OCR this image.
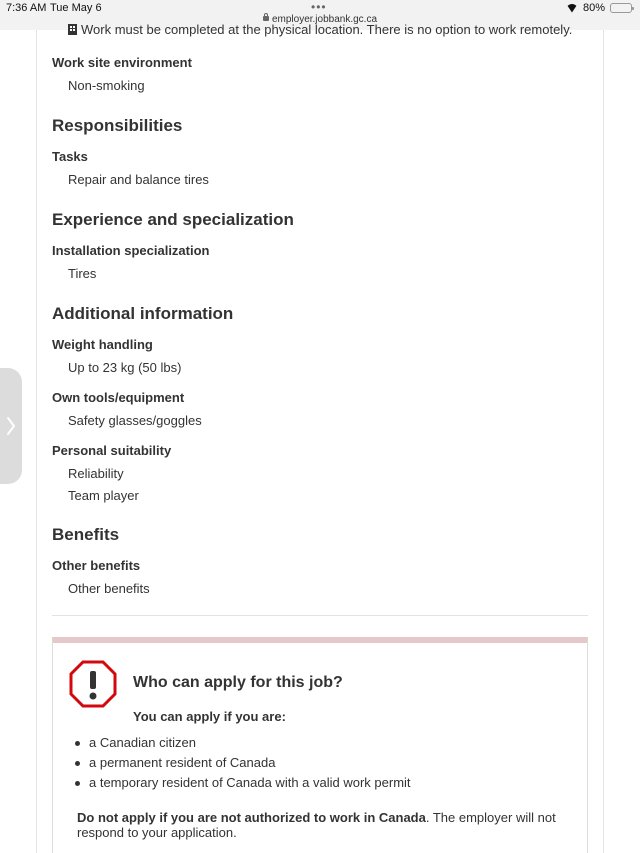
7:36 AM Tue May 6	•••
employer.jobbank.gc.ca
80%
Work must be completed at the physical location. There is no option to work remotely.
Work site environment
Non-smoking
Responsibilities
Tasks
Repair and balance tires
Experience and specialization
Installation specialization
Tires
Additional information
Weight handling
Up to 23 kg (50 lbs)
Own tools/equipment
Safety glasses/goggles
Personal suitability
Reliability
Team player
Benefits
Other benefits
Other benefits
Who can apply for this job?
You can apply if you are:
a Canadian citizen
a permanent resident of Canada
a temporary resident of Canada with a valid work permit
Do not apply if you are not authorized to work in Canada. The employer will not respond to your application.
